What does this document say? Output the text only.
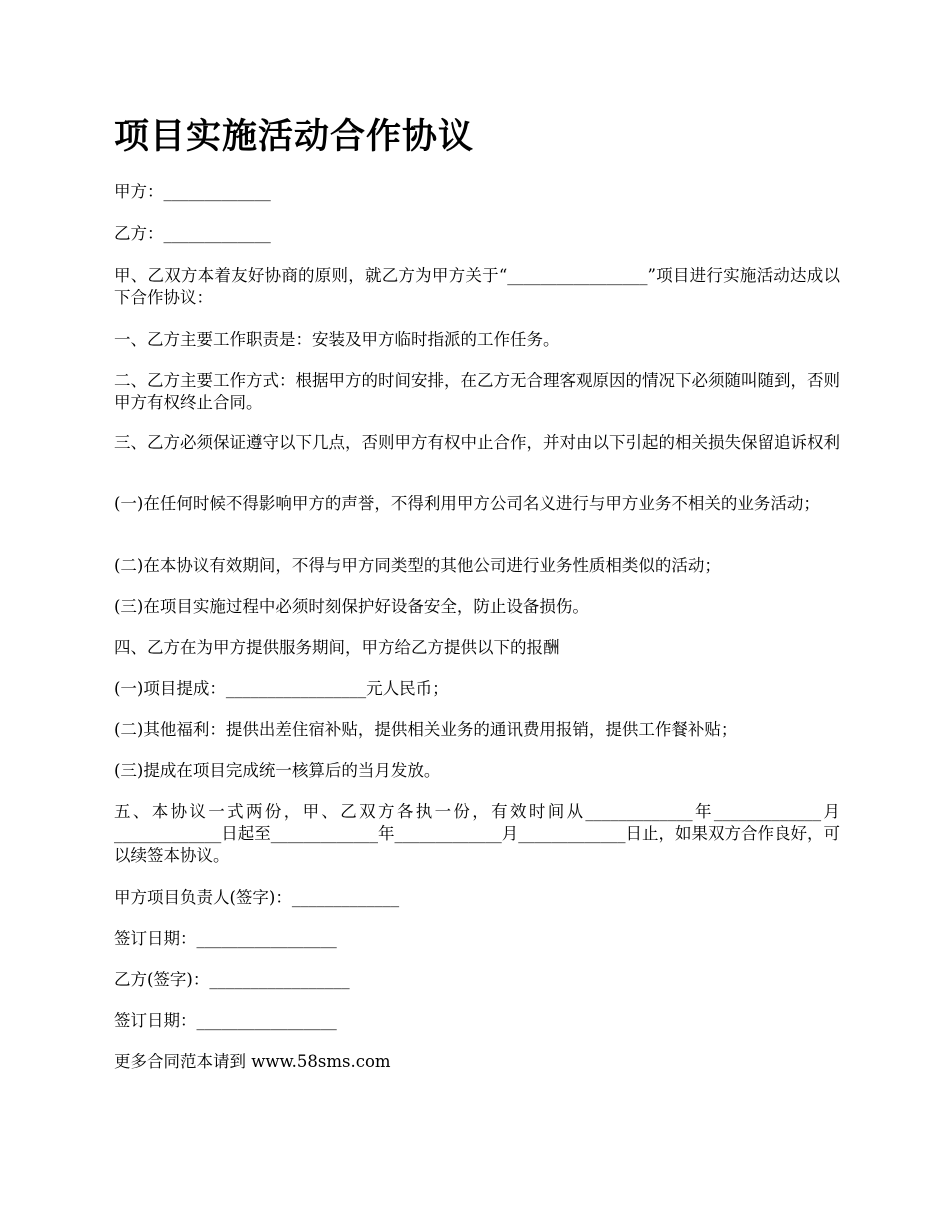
项目实施活动合作协议

甲方：_____________

乙方：_____________

甲、乙双方本着友好协商的原则，就乙方为甲方关于“_________________”项目进行实施活动达成以下合作协议：

一、乙方主要工作职责是：安装及甲方临时指派的工作任务。

二、乙方主要工作方式：根据甲方的时间安排，在乙方无合理客观原因的情况下必须随叫随到，否则甲方有权终止合同。

三、乙方必须保证遵守以下几点，否则甲方有权中止合作，并对由以下引起的相关损失保留追诉权利

(一)在任何时候不得影响甲方的声誉，不得利用甲方公司名义进行与甲方业务不相关的业务活动；

(二)在本协议有效期间，不得与甲方同类型的其他公司进行业务性质相类似的活动；

(三)在项目实施过程中必须时刻保护好设备安全，防止设备损伤。

四、乙方在为甲方提供服务期间，甲方给乙方提供以下的报酬

(一)项目提成：_________________元人民币；

(二)其他福利：提供出差住宿补贴，提供相关业务的通讯费用报销，提供工作餐补贴；

(三)提成在项目完成统一核算后的当月发放。

五、本协议一式两份，甲、乙双方各执一份，有效时间从_____________年_____________月_____________日起至_____________年_____________月_____________日止，如果双方合作良好，可以续签本协议。

甲方项目负责人(签字)：_____________

签订日期：_________________

乙方(签字)：_________________

签订日期：_________________

更多合同范本请到 www.58sms.com
